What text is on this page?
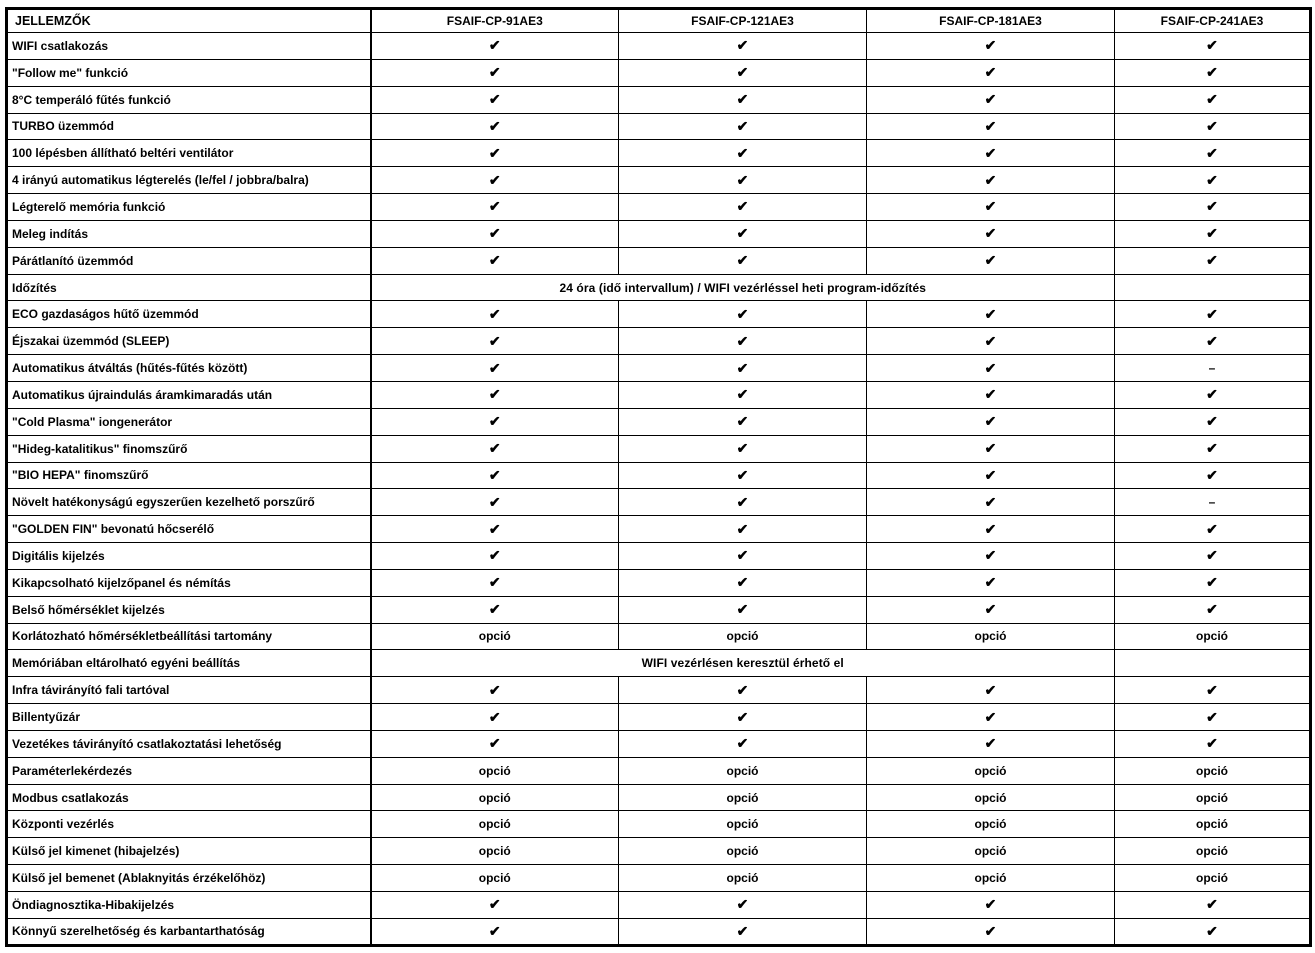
JELLEMZŐK	FSAIF-CP-91AE3	FSAIF-CP-121AE3	FSAIF-CP-181AE3	FSAIF-CP-241AE3
WIFI csatlakozás	✔	✔	✔	✔
"Follow me" funkció	✔	✔	✔	✔
8°C temperáló fűtés funkció	✔	✔	✔	✔
TURBO üzemmód	✔	✔	✔	✔
100 lépésben állítható beltéri ventilátor	✔	✔	✔	✔
4 irányú automatikus légterelés (le/fel / jobbra/balra)	✔	✔	✔	✔
Légterelő memória funkció	✔	✔	✔	✔
Meleg indítás	✔	✔	✔	✔
Párátlanító üzemmód	✔	✔	✔	✔
Időzítés	24 óra (idő intervallum) / WIFI vezérléssel heti program-időzítés			
ECO gazdaságos hűtő üzemmód	✔	✔	✔	✔
Éjszakai üzemmód (SLEEP)	✔	✔	✔	✔
Automatikus átváltás (hűtés-fűtés között)	✔	✔	✔	–
Automatikus újraindulás áramkimaradás után	✔	✔	✔	✔
"Cold Plasma" iongenerátor	✔	✔	✔	✔
"Hideg-katalitikus" finomszűrő	✔	✔	✔	✔
"BIO HEPA" finomszűrő	✔	✔	✔	✔
Növelt hatékonyságú egyszerűen kezelhető porszűrő	✔	✔	✔	–
"GOLDEN FIN" bevonatú hőcserélő	✔	✔	✔	✔
Digitális kijelzés	✔	✔	✔	✔
Kikapcsolható kijelzőpanel és némítás	✔	✔	✔	✔
Belső hőmérséklet kijelzés	✔	✔	✔	✔
Korlátozható hőmérsékletbeállítási tartomány	opció	opció	opció	opció
Memóriában eltárolható egyéni beállítás	WIFI vezérlésen keresztül érhető el			
Infra távirányító fali tartóval	✔	✔	✔	✔
Billentyűzár	✔	✔	✔	✔
Vezetékes távirányító csatlakoztatási lehetőség	✔	✔	✔	✔
Paraméterlekérdezés	opció	opció	opció	opció
Modbus csatlakozás	opció	opció	opció	opció
Központi vezérlés	opció	opció	opció	opció
Külső jel kimenet (hibajelzés)	opció	opció	opció	opció
Külső jel bemenet (Ablaknyitás érzékelőhöz)	opció	opció	opció	opció
Öndiagnosztika-Hibakijelzés	✔	✔	✔	✔
Könnyű szerelhetőség és karbantarthatóság	✔	✔	✔	✔
